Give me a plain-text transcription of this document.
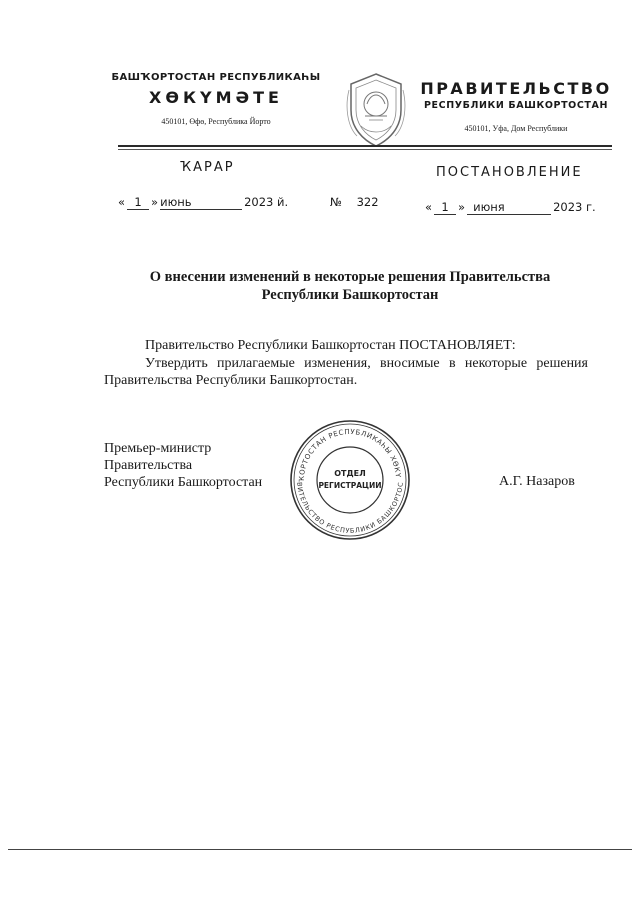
БАШҠОРТОСТАН РЕСПУБЛИКАҺЫ
ХӨКҮМӘТЕ
450101, Өфө, Республика Йорто
ПРАВИТЕЛЬСТВО
РЕСПУБЛИКИ БАШКОРТОСТАН
450101, Уфа, Дом Республики
ҠАРАР	ПОСТАНОВЛЕНИЕ
« 1 » июнь	2023 й.	№ 322	« 1 » июня	2023 г.
О внесении изменений в некоторые решения Правительства
Республики Башкортостан
Правительство Республики Башкортостан ПОСТАНОВЛЯЕТ:
Утвердить прилагаемые изменения, вносимые в некоторые решения Правительства Республики Башкортостан.
Премьер-министр
Правительства
Республики Башкортостан	А.Г. Назаров
ҠОРТОСТАН РЕСПУБЛИКАҺЫ ХӨКҮ
ВИТЕЛЬСТВО РЕСПУБЛИКИ БАШКОРТОС
ОТДЕЛ
РЕГИСТРАЦИИ
